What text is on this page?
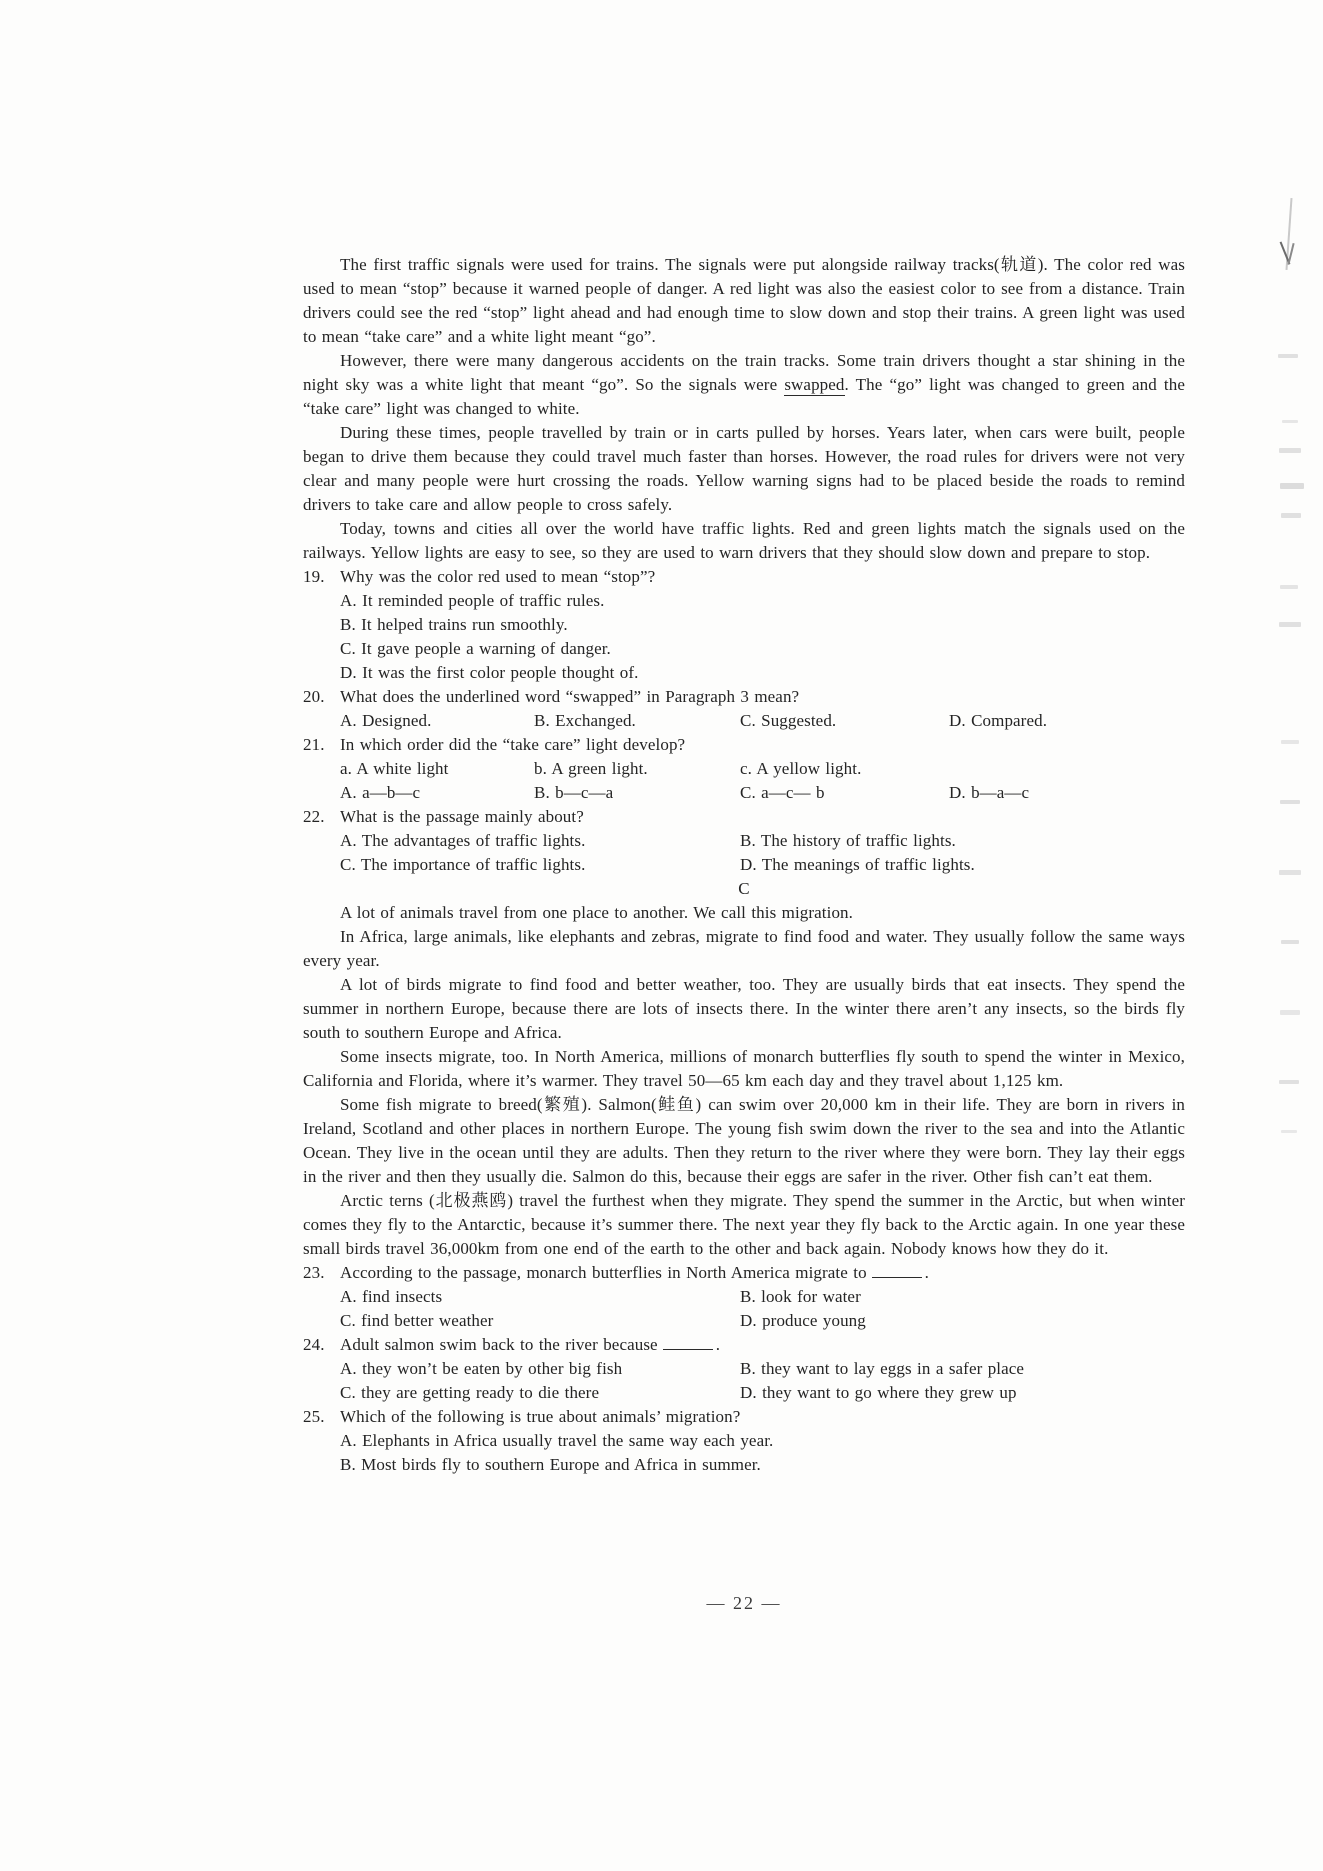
The first traffic signals were used for trains. The signals were put alongside railway tracks(轨道). The color red was used to mean “stop” because it warned people of danger. A red light was also the easiest color to see from a distance. Train drivers could see the red “stop” light ahead and had enough time to slow down and stop their trains. A green light was used to mean “take care” and a white light meant “go”.

However, there were many dangerous accidents on the train tracks. Some train drivers thought a star shining in the night sky was a white light that meant “go”. So the signals were swapped. The “go” light was changed to green and the “take care” light was changed to white.

During these times, people travelled by train or in carts pulled by horses. Years later, when cars were built, people began to drive them because they could travel much faster than horses. However, the road rules for drivers were not very clear and many people were hurt crossing the roads. Yellow warning signs had to be placed beside the roads to remind drivers to take care and allow people to cross safely.

Today, towns and cities all over the world have traffic lights. Red and green lights match the signals used on the railways. Yellow lights are easy to see, so they are used to warn drivers that they should slow down and prepare to stop.

19. Why was the color red used to mean “stop”?
A. It reminded people of traffic rules.
B. It helped trains run smoothly.
C. It gave people a warning of danger.
D. It was the first color people thought of.
20. What does the underlined word “swapped” in Paragraph 3 mean?
A. Designed.	B. Exchanged.	C. Suggested.	D. Compared.
21. In which order did the “take care” light develop?
a. A white light	b. A green light.	c. A yellow light.
A. a—b—c	B. b—c—a	C. a—c— b	D. b—a—c
22. What is the passage mainly about?
A. The advantages of traffic lights.	B. The history of traffic lights.
C. The importance of traffic lights.	D. The meanings of traffic lights.
C

A lot of animals travel from one place to another. We call this migration.

In Africa, large animals, like elephants and zebras, migrate to find food and water. They usually follow the same ways every year.

A lot of birds migrate to find food and better weather, too. They are usually birds that eat insects. They spend the summer in northern Europe, because there are lots of insects there. In the winter there aren’t any insects, so the birds fly south to southern Europe and Africa.

Some insects migrate, too. In North America, millions of monarch butterflies fly south to spend the winter in Mexico, California and Florida, where it’s warmer. They travel 50—65 km each day and they travel about 1,125 km.

Some fish migrate to breed(繁殖). Salmon(鲑鱼) can swim over 20,000 km in their life. They are born in rivers in Ireland, Scotland and other places in northern Europe. The young fish swim down the river to the sea and into the Atlantic Ocean. They live in the ocean until they are adults. Then they return to the river where they were born. They lay their eggs in the river and then they usually die. Salmon do this, because their eggs are safer in the river. Other fish can’t eat them.

Arctic terns (北极燕鸥) travel the furthest when they migrate. They spend the summer in the Arctic, but when winter comes they fly to the Antarctic, because it’s summer there. The next year they fly back to the Arctic again. In one year these small birds travel 36,000km from one end of the earth to the other and back again. Nobody knows how they do it.

23. According to the passage, monarch butterflies in North America migrate to	.
A. find insects	B. look for water
C. find better weather	D. produce young
24. Adult salmon swim back to the river because	.
A. they won’t be eaten by other big fish	B. they want to lay eggs in a safer place
C. they are getting ready to die there	D. they want to go where they grew up
25. Which of the following is true about animals’ migration?
A. Elephants in Africa usually travel the same way each year.
B. Most birds fly to southern Europe and Africa in summer.
— 22 —
